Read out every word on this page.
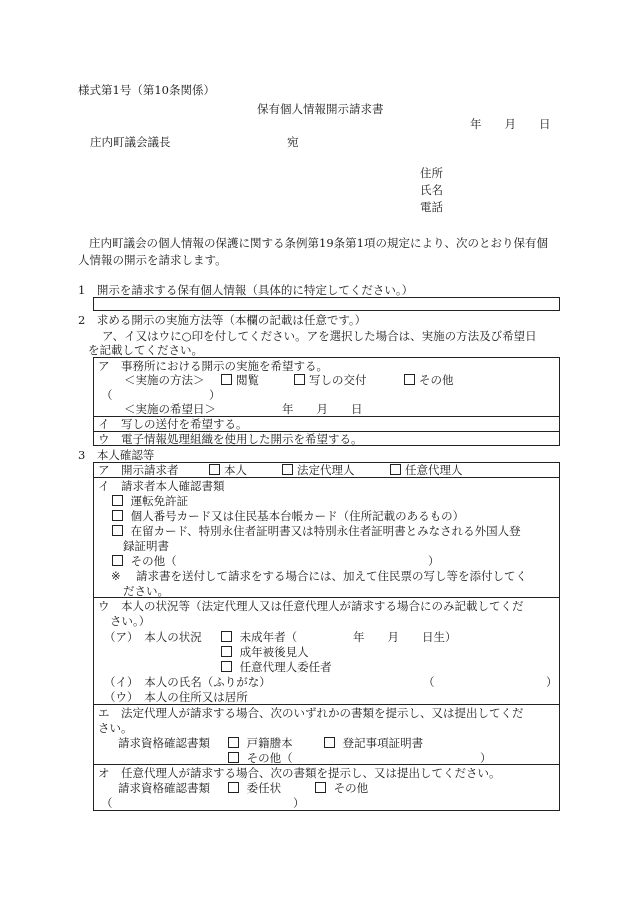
様式第1号（第10条関係）
保有個人情報開示請求書
年　　月　　日
庄内町議会議長	宛
住所
氏名
電話
庄内町議会の個人情報の保護に関する条例第19条第1項の規定により、次のとおり保有個
人情報の開示を請求します。
1　開示を請求する保有個人情報（具体的に特定してください。）
2　求める開示の実施方法等（本欄の記載は任意です。）
ア、イ又はウに○印を付してください。アを選択した場合は、実施の方法及び希望日
を記載してください。
ア　事務所における開示の実施を希望する。
＜実施の方法＞	閲覧	写しの交付	その他
（	）
＜実施の希望日＞	年　　月　　日
イ　写しの送付を希望する。
ウ　電子情報処理組織を使用した開示を希望する。
3　本人確認等
ア　開示請求者	本人	法定代理人	任意代理人
イ　請求者本人確認書類
運転免許証
個人番号カード又は住民基本台帳カード（住所記載のあるもの）
在留カード、特別永住者証明書又は特別永住者証明書とみなされる外国人登
録証明書
その他（	）
※ 請求書を送付して請求をする場合には、加えて住民票の写し等を添付してく
ださい。
ウ　本人の状況等（法定代理人又は任意代理人が請求する場合にのみ記載してくだ
さい。）
（ア）　本人の状況	未成年者（	年　　月　　日生）
成年被後見人
任意代理人委任者
（イ）　本人の氏名（ふりがな）	（	）
（ウ）　本人の住所又は居所
エ　法定代理人が請求する場合、次のいずれかの書類を提示し、又は提出してくだ
さい。
請求資格確認書類	戸籍謄本	登記事項証明書
その他（	）
オ　任意代理人が請求する場合、次の書類を提示し、又は提出してください。
請求資格確認書類	委任状	その他
（	）
